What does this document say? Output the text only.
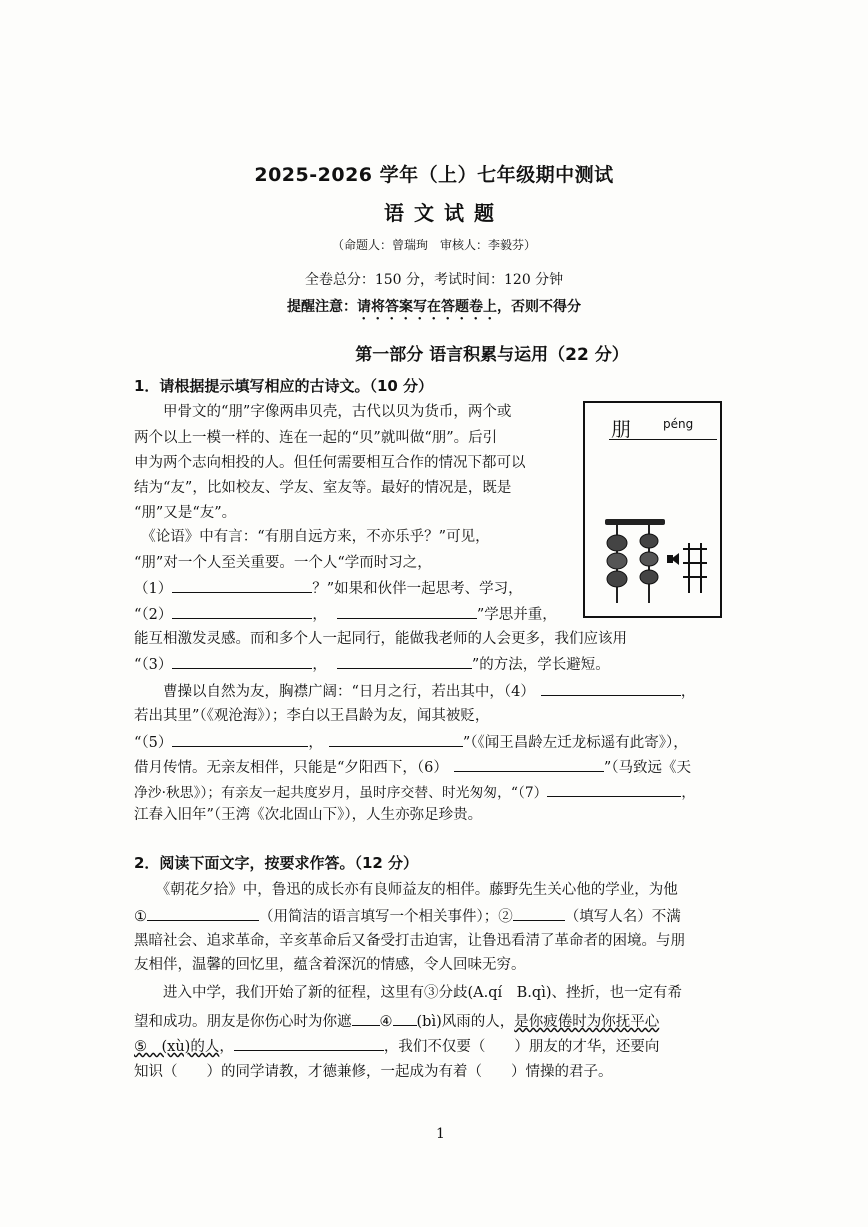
2025-2026 学年（上）七年级期中测试
语文试题
（命题人：曾瑞珣　审核人：李毅芬）
全卷总分：150 分，考试时间：120 分钟
提醒注意：请将答案写在答题卷上，否则不得分
第一部分 语言积累与运用（22 分）
1．请根据提示填写相应的古诗文。（10 分）
　　甲骨文的“朋”字像两串贝壳，古代以贝为货币，两个或
两个以上一模一样的、连在一起的“贝”就叫做“朋”。后引
申为两个志向相投的人。但任何需要相互合作的情况下都可以
结为“友”，比如校友、学友、室友等。最好的情况是，既是
“朋”又是“友”。
　《论语》中有言：“有朋自远方来，不亦乐乎？”可见，
“朋”对一个人至关重要。一个人“学而时习之，
（1）	？”如果和伙伴一起思考、学习，
“（2）	，	”学思并重，
能互相激发灵感。而和多个人一起同行，能做我老师的人会更多，我们应该用
“（3）	，	”的方法，学长避短。
　　曹操以自然为友，胸襟广阔：“日月之行，若出其中，（4）	，
若出其里”（《观沧海》）；李白以王昌龄为友，闻其被贬，
“（5）	，	”（《闻王昌龄左迁龙标遥有此寄》），
借月传情。无亲友相伴，只能是“夕阳西下，（6）	”（马致远《天
净沙·秋思》）；有亲友一起共度岁月，虽时序交替、时光匆匆，“（7）	，
江春入旧年”（王湾《次北固山下》），人生亦弥足珍贵。
朋	péng
2．阅读下面文字，按要求作答。（12 分）
　　《朝花夕拾》中，鲁迅的成长亦有良师益友的相伴。藤野先生关心他的学业，为他
①	（用简洁的语言填写一个相关事件）；②	（填写人名）不满
黑暗社会、追求革命，辛亥革命后又备受打击迫害，让鲁迅看清了革命者的困境。与朋
友相伴，温馨的回忆里，蕴含着深沉的情感，令人回味无穷。
　　进入中学，我们开始了新的征程，这里有③分歧(A.qí　B.qì)、挫折，也一定有希
望和成功。朋友是你伤心时为你遮 ④ (bì)风雨的人，是你疲倦时为你抚平心
⑤　(xù)的人，	，我们不仅要（　　）朋友的才华，还要向
知识（　　）的同学请教，才德兼修，一起成为有着（　　）情操的君子。
1
